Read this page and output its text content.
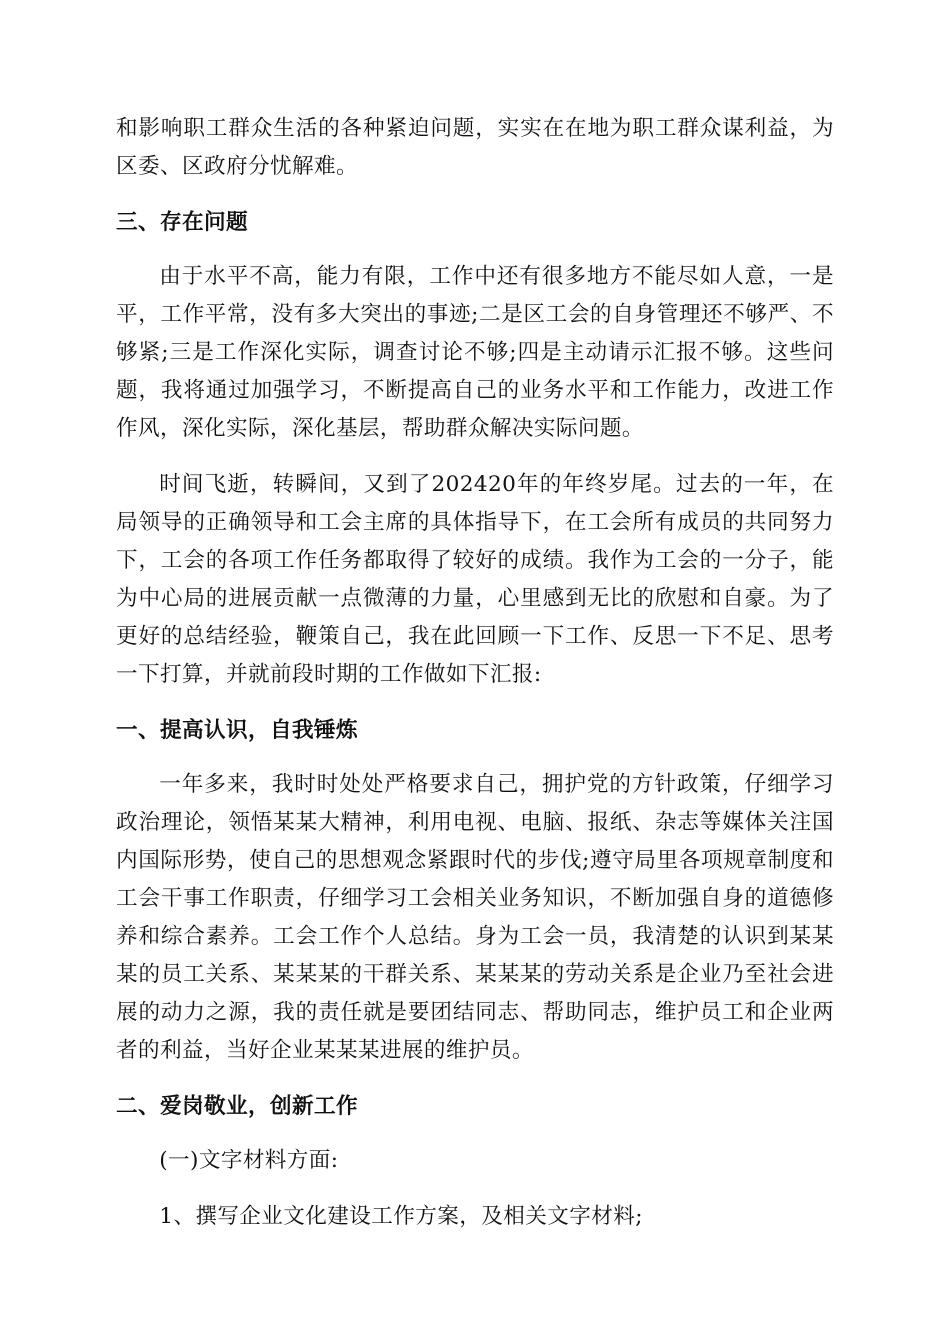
和影响职工群众生活的各种紧迫问题，实实在在地为职工群众谋利益，为区委、区政府分忧解难。

三、存在问题

由于水平不高，能力有限，工作中还有很多地方不能尽如人意，一是平，工作平常，没有多大突出的事迹;二是区工会的自身管理还不够严、不够紧;三是工作深化实际，调查讨论不够;四是主动请示汇报不够。这些问题，我将通过加强学习，不断提高自己的业务水平和工作能力，改进工作作风，深化实际，深化基层，帮助群众解决实际问题。

时间飞逝，转瞬间，又到了202420年的年终岁尾。过去的一年，在局领导的正确领导和工会主席的具体指导下，在工会所有成员的共同努力下，工会的各项工作任务都取得了较好的成绩。我作为工会的一分子，能为中心局的进展贡献一点微薄的力量，心里感到无比的欣慰和自豪。为了更好的总结经验，鞭策自己，我在此回顾一下工作、反思一下不足、思考一下打算，并就前段时期的工作做如下汇报:

一、提高认识，自我锤炼

一年多来，我时时处处严格要求自己，拥护党的方针政策，仔细学习政治理论，领悟某某大精神，利用电视、电脑、报纸、杂志等媒体关注国内国际形势，使自己的思想观念紧跟时代的步伐;遵守局里各项规章制度和工会干事工作职责，仔细学习工会相关业务知识，不断加强自身的道德修养和综合素养。工会工作个人总结。身为工会一员，我清楚的认识到某某某的员工关系、某某某的干群关系、某某某的劳动关系是企业乃至社会进展的动力之源，我的责任就是要团结同志、帮助同志，维护员工和企业两者的利益，当好企业某某某进展的维护员。

二、爱岗敬业，创新工作

(一)文字材料方面:

1、撰写企业文化建设工作方案，及相关文字材料;
